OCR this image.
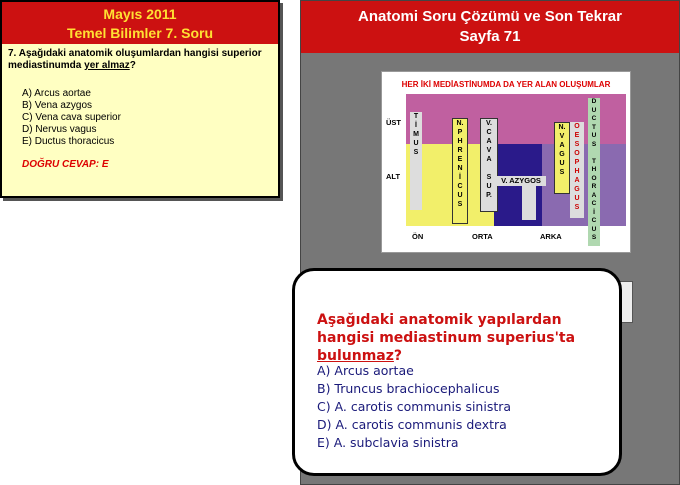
Mayıs 2011
Temel Bilimler 7. Soru
7. Aşağıdaki anatomik oluşumlardan hangisi superior mediastinumda yer almaz?
A) Arcus aortae
B) Vena azygos
C) Vena cava superior
D) Nervus vagus
E) Ductus thoracicus
DOĞRU CEVAP: E
Anatomi Soru Çözümü ve Son Tekrar
Sayfa 71
HER İKİ MEDİASTİNUMDA DA YER ALAN OLUŞUMLAR
T
İ
M
U
S
N.
P
H
R
E
N
İ
C
U
S
V.
C
A
V
A

S
U
P.
V. AZYGOS
N.
V
A
G
U
S
O
E
S
O
P
H
A
G
U
S
D
U
C
T
U
S

T
H
O
R
A
C
İ
C
U
S
ÜST
ALT
ÖN	ORTA	ARKA
Aşağıdaki anatomik yapılardan hangisi mediastinum superius'ta bulunmaz?
A) Arcus aortae
B) Truncus brachiocephalicus
C) A. carotis communis sinistra
D) A. carotis communis dextra
E) A. subclavia sinistra
